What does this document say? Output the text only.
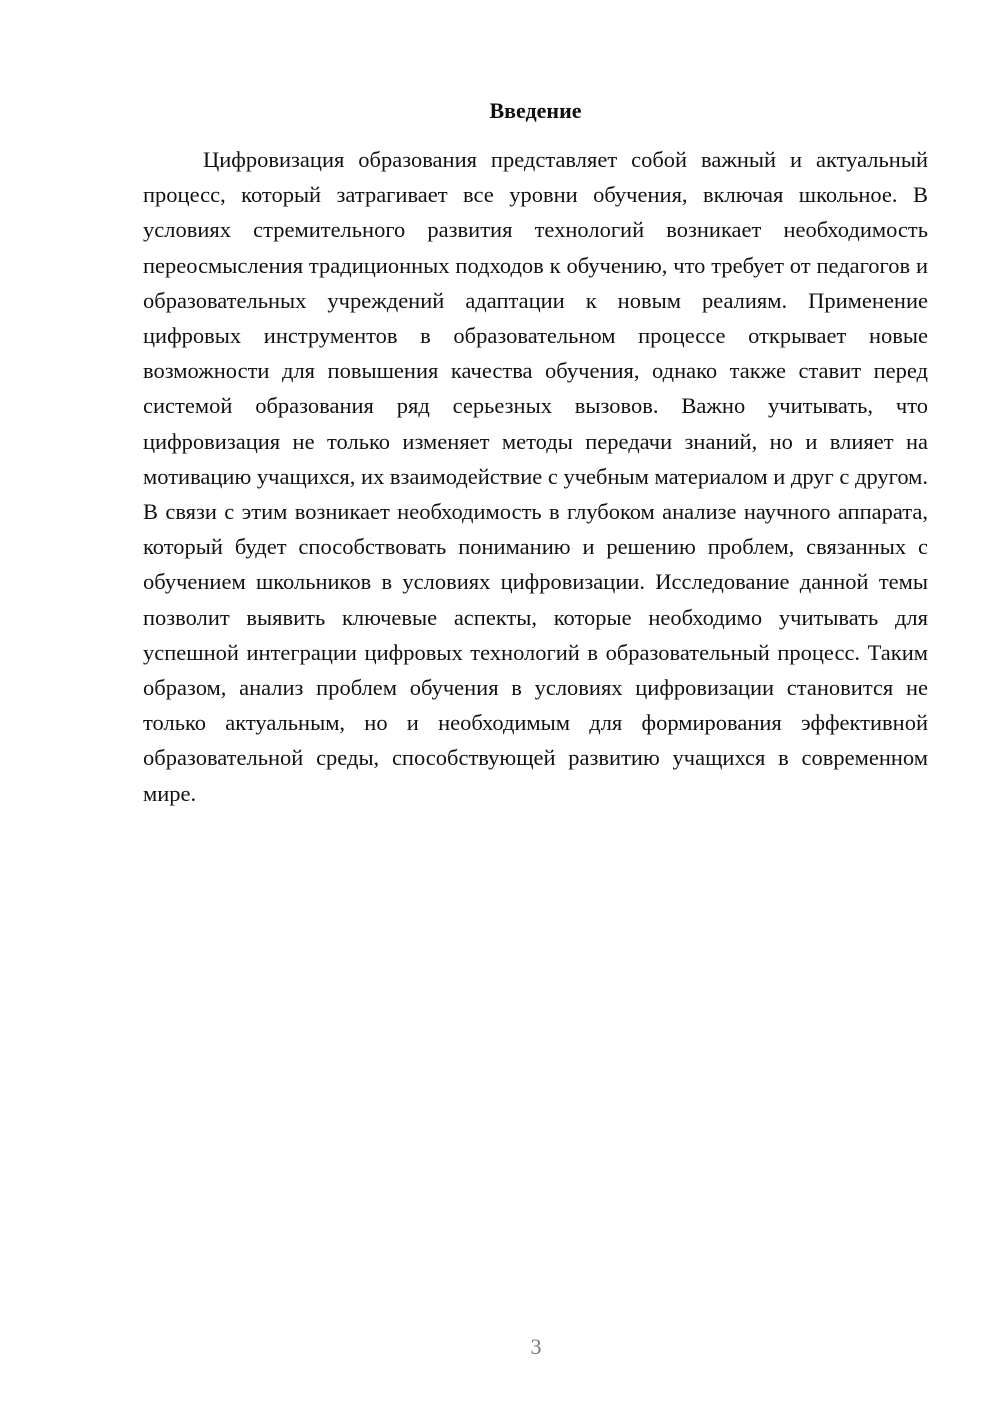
Введение

Цифровизация образования представляет собой важный и актуальный процесс, который затрагивает все уровни обучения, включая школьное. В условиях стремительного развития технологий возникает необходимость переосмысления традиционных подходов к обучению, что требует от педагогов и образовательных учреждений адаптации к новым реалиям. Применение цифровых инструментов в образовательном процессе открывает новые возможности для повышения качества обучения, однако также ставит перед системой образования ряд серьезных вызовов. Важно учитывать, что цифровизация не только изменяет методы передачи знаний, но и влияет на мотивацию учащихся, их взаимодействие с учебным материалом и друг с другом. В связи с этим возникает необходимость в глубоком анализе научного аппарата, который будет способствовать пониманию и решению проблем, связанных с обучением школьников в условиях цифровизации. Исследование данной темы позволит выявить ключевые аспекты, которые необходимо учитывать для успешной интеграции цифровых технологий в образовательный процесс. Таким образом, анализ проблем обучения в условиях цифровизации становится не только актуальным, но и необходимым для формирования эффективной образовательной среды, способствующей развитию учащихся в современном мире.

3
